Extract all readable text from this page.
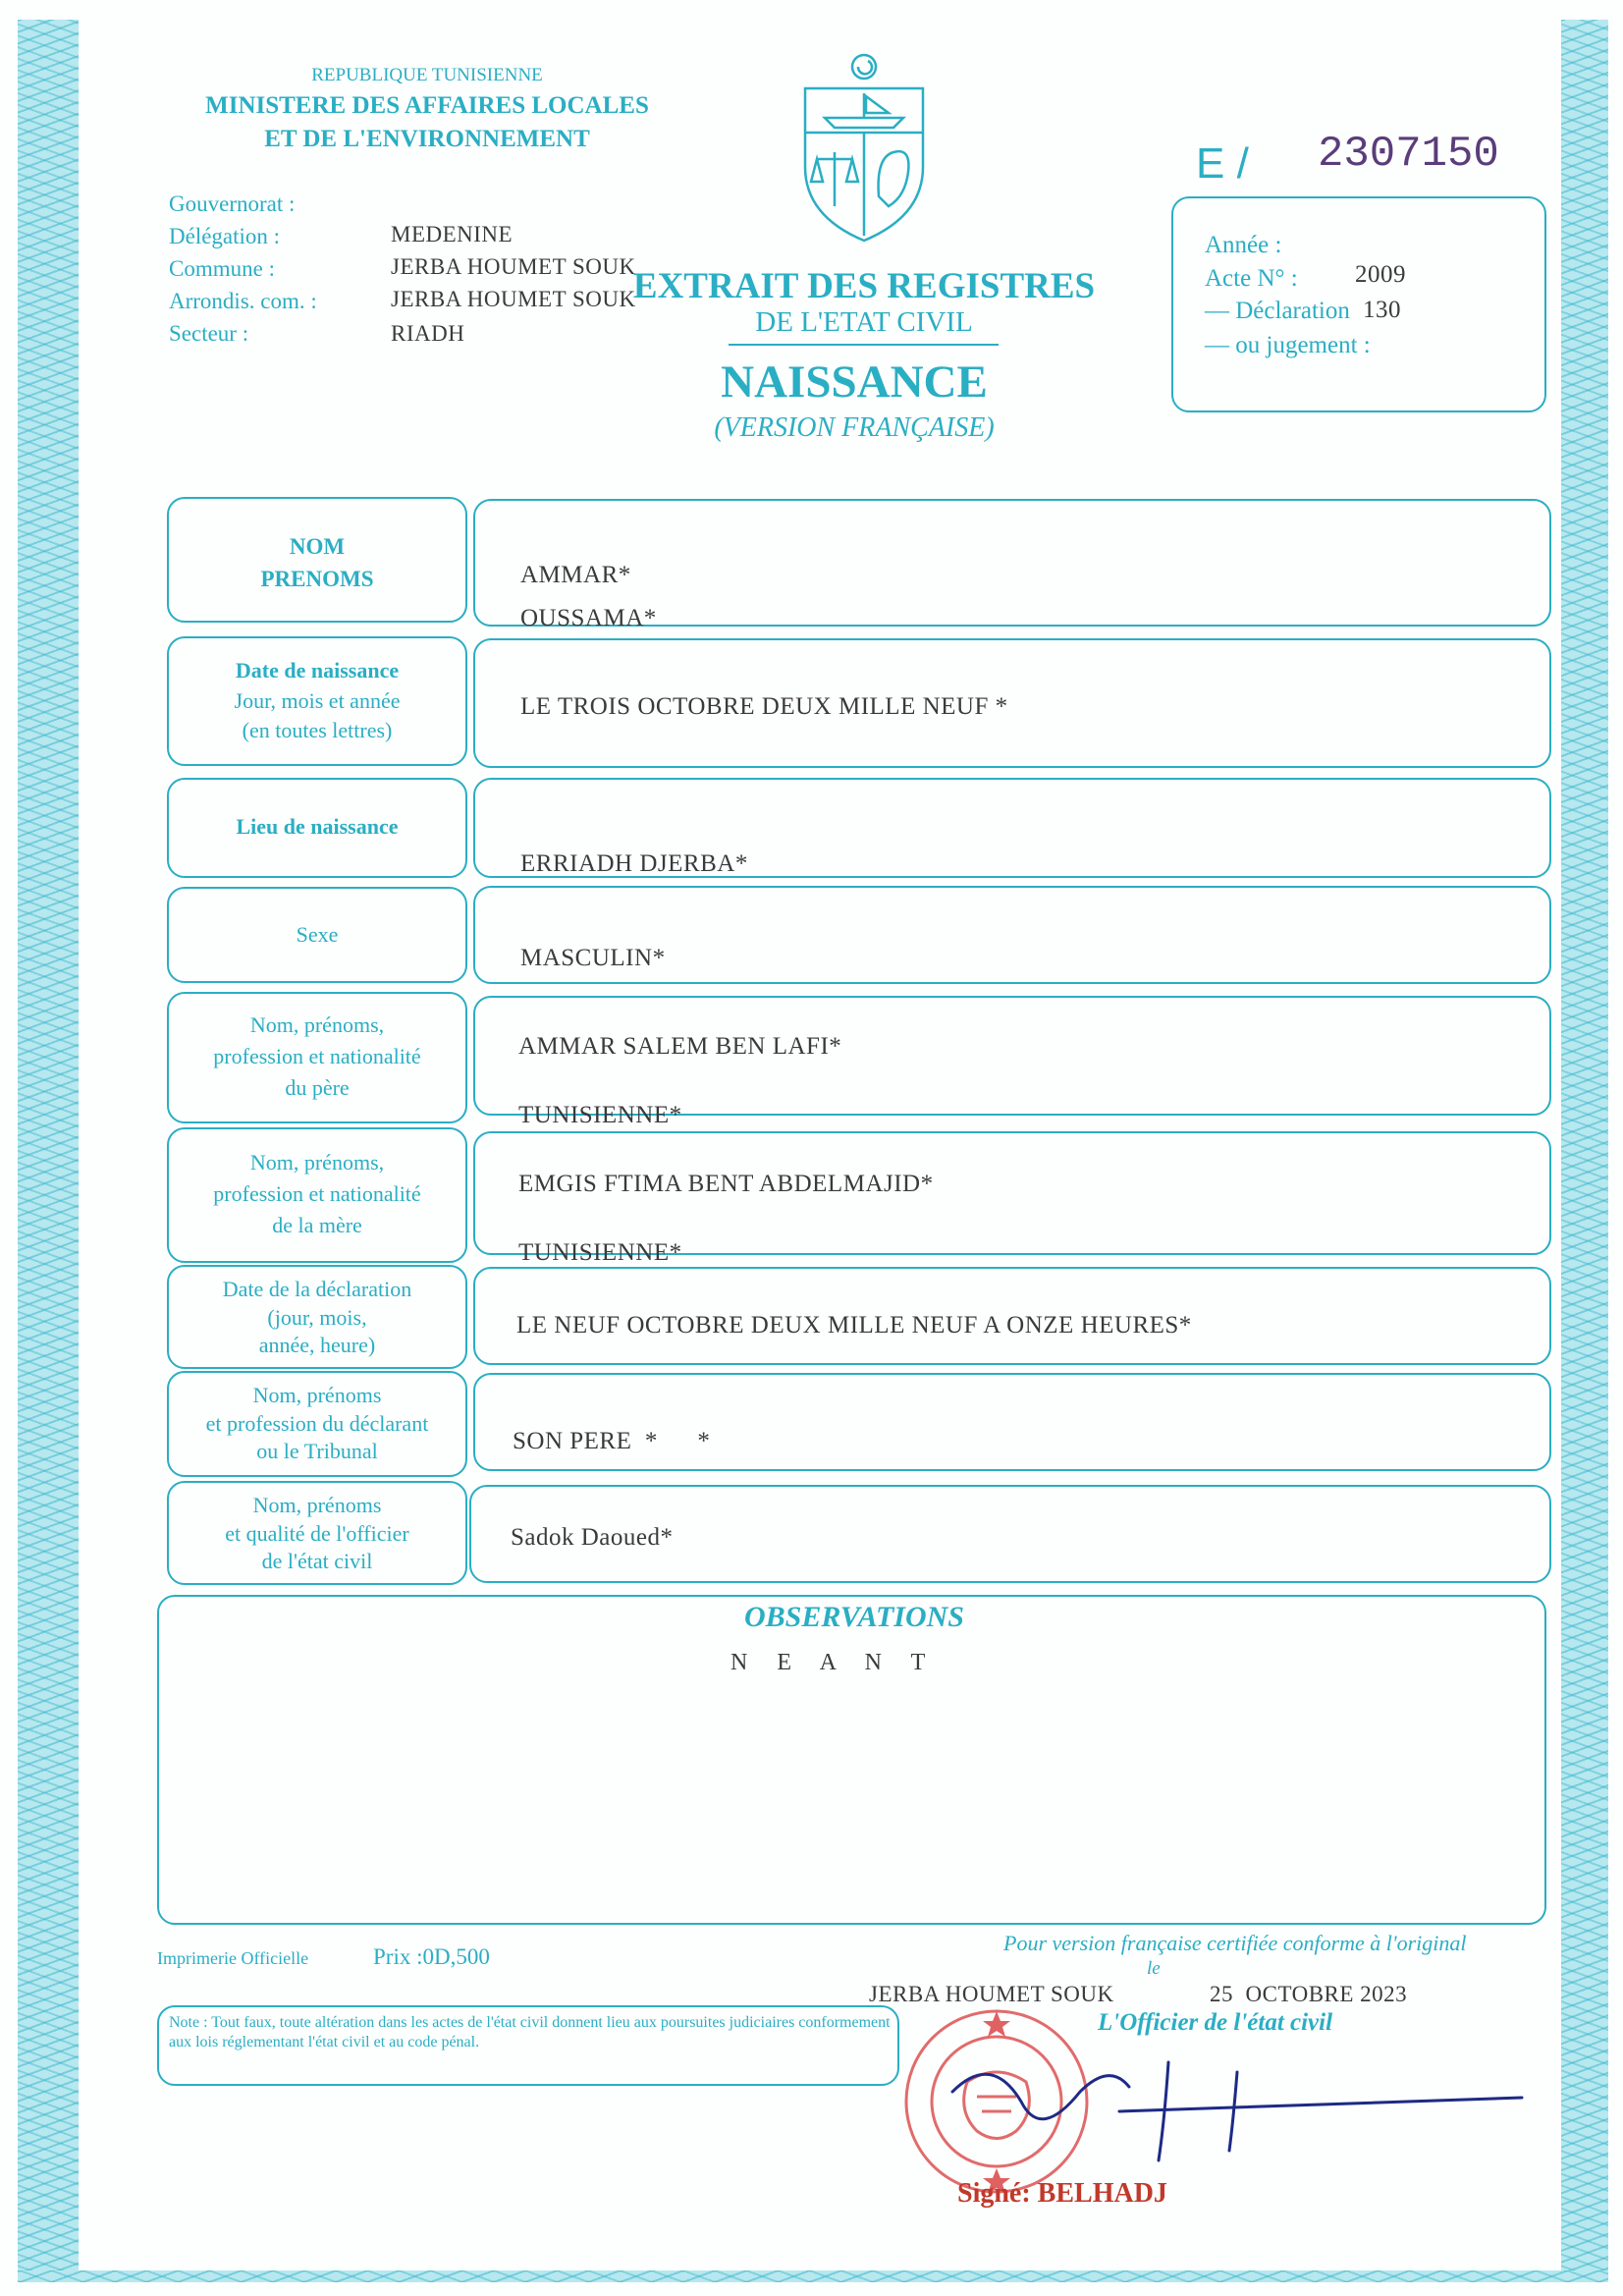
REPUBLIQUE TUNISIENNE
MINISTERE DES AFFAIRES LOCALES
ET DE L'ENVIRONNEMENT
Gouvernorat :
Délégation :
Commune :
Arrondis. com. :
Secteur :
MEDENINE
JERBA HOUMET SOUK
JERBA HOUMET SOUK
RIADH
EXTRAIT DES REGISTRES
DE L'ETAT CIVIL
NAISSANCE
(VERSION FRANÇAISE)
E / 2307150
Année :
Acte N° : 2009
— Déclaration 130
— ou jugement :
NOM
PRENOMS
Date de naissance
Jour, mois et année
(en toutes lettres)
Lieu de naissance
Sexe
Nom, prénoms,
profession et nationalité
du père
Nom, prénoms,
profession et nationalité
de la mère
Date de la déclaration
(jour, mois,
année, heure)
Nom, prénoms
et profession du déclarant
ou le Tribunal
Nom, prénoms
et qualité de l'officier
de l'état civil
AMMAR*
OUSSAMA*
LE TROIS OCTOBRE DEUX MILLE NEUF *
ERRIADH DJERBA*
MASCULIN*
AMMAR SALEM BEN LAFI*
TUNISIENNE*
EMGIS FTIMA BENT ABDELMAJID*
TUNISIENNE*
LE NEUF OCTOBRE DEUX MILLE NEUF A ONZE HEURES*
SON PERE  *      *
Sadok Daoued*
OBSERVATIONS
N  E  A  N  T
Imprimerie Officielle	Prix :0D,500
Pour version française certifiée conforme à l'original
le
JERBA HOUMET SOUK	25  OCTOBRE 2023
L'Officier de l'état civil
Note : Tout faux, toute altération dans les actes de l'état civil donnent lieu aux poursuites judiciaires conformement aux lois réglementant l'état civil et au code pénal.
Signé: BELHADJ
